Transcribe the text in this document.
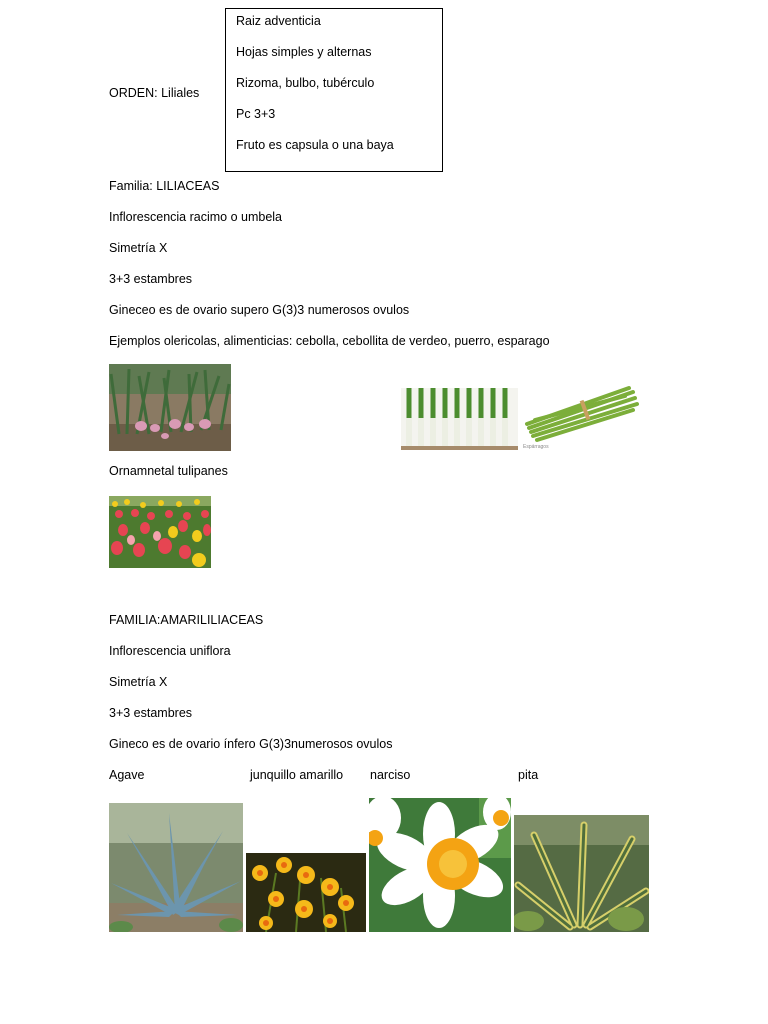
ORDEN: Liliales
Raiz adventicia
Hojas simples y alternas
Rizoma, bulbo, tubérculo
Pc 3+3
Fruto es capsula o una baya
Familia: LILIACEAS
Inflorescencia racimo o umbela
Simetría X
3+3 estambres
Gineceo es de ovario supero G(3)3 numerosos ovulos
Ejemplos olericolas, alimenticias: cebolla, cebollita de verdeo, puerro, esparago
Espárragos
Ornamnetal tulipanes
FAMILIA:AMARILILIACEAS
Inflorescencia uniflora
Simetría X
3+3 estambres
Gineco es de ovario ínfero G(3)3numerosos ovulos
Agave	junquillo amarillo narciso	pita
